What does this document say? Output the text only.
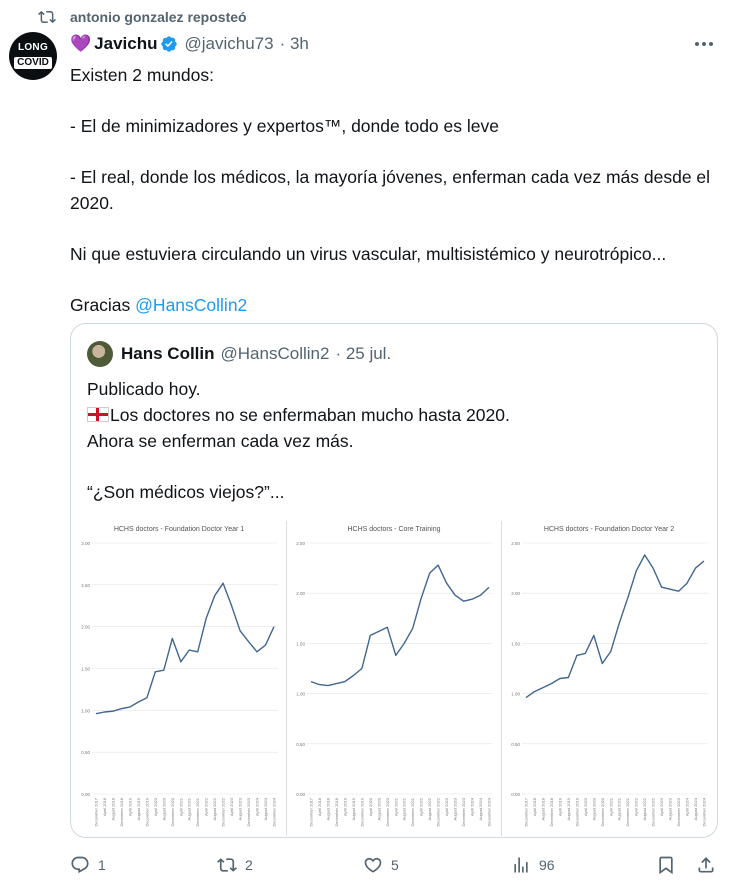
antonio gonzalez reposteó
LONG
COVID
💜 Javichu @javichu73 · 3h

Existen 2 mundos:

- El de minimizadores y expertos™, donde todo es leve

- El real, donde los médicos, la mayoría jóvenes, enferman cada vez más desde el 2020.

Ni que estuviera circulando un virus vascular, multisistémico y neurotrópico...

Gracias @HansCollin2

Hans Collin @HansCollin2 · 25 jul.

Publicado hoy.

Los doctores no se enfermaban mucho hasta 2020.

Ahora se enferman cada vez más.

“¿Son médicos viejos?”...

HCHS doctors - Foundation Doctor Year 1
3.00
2.50
2.00
1.50
1.00
0.50
0.00
December 2017 April 2018 August 2018 December 2018 April 2019 August 2019 December 2019 April 2020 August 2020 December 2020 April 2021 August 2021 December 2021 April 2022 August 2022 December 2022 April 2023 August 2023 December 2023 April 2024 August 2024 December 2024
HCHS doctors - Core Training
2.50
2.00
1.50
1.00
0.50
0.00
December 2017 April 2018 August 2018 December 2018 April 2019 August 2019 December 2019 April 2020 August 2020 December 2020 April 2021 August 2021 December 2021 April 2022 August 2022 December 2022 April 2023 August 2023 December 2023 April 2024 August 2024 December 2024
HCHS doctors - Foundation Doctor Year 2
2.50
2.00
1.50
1.00
0.50
0.00
December 2017 April 2018 August 2018 December 2018 April 2019 August 2019 December 2019 April 2020 August 2020 December 2020 April 2021 August 2021 December 2021 April 2022 August 2022 December 2022 April 2023 August 2023 December 2023 April 2024 August 2024 December 2024
1	2	5	96
